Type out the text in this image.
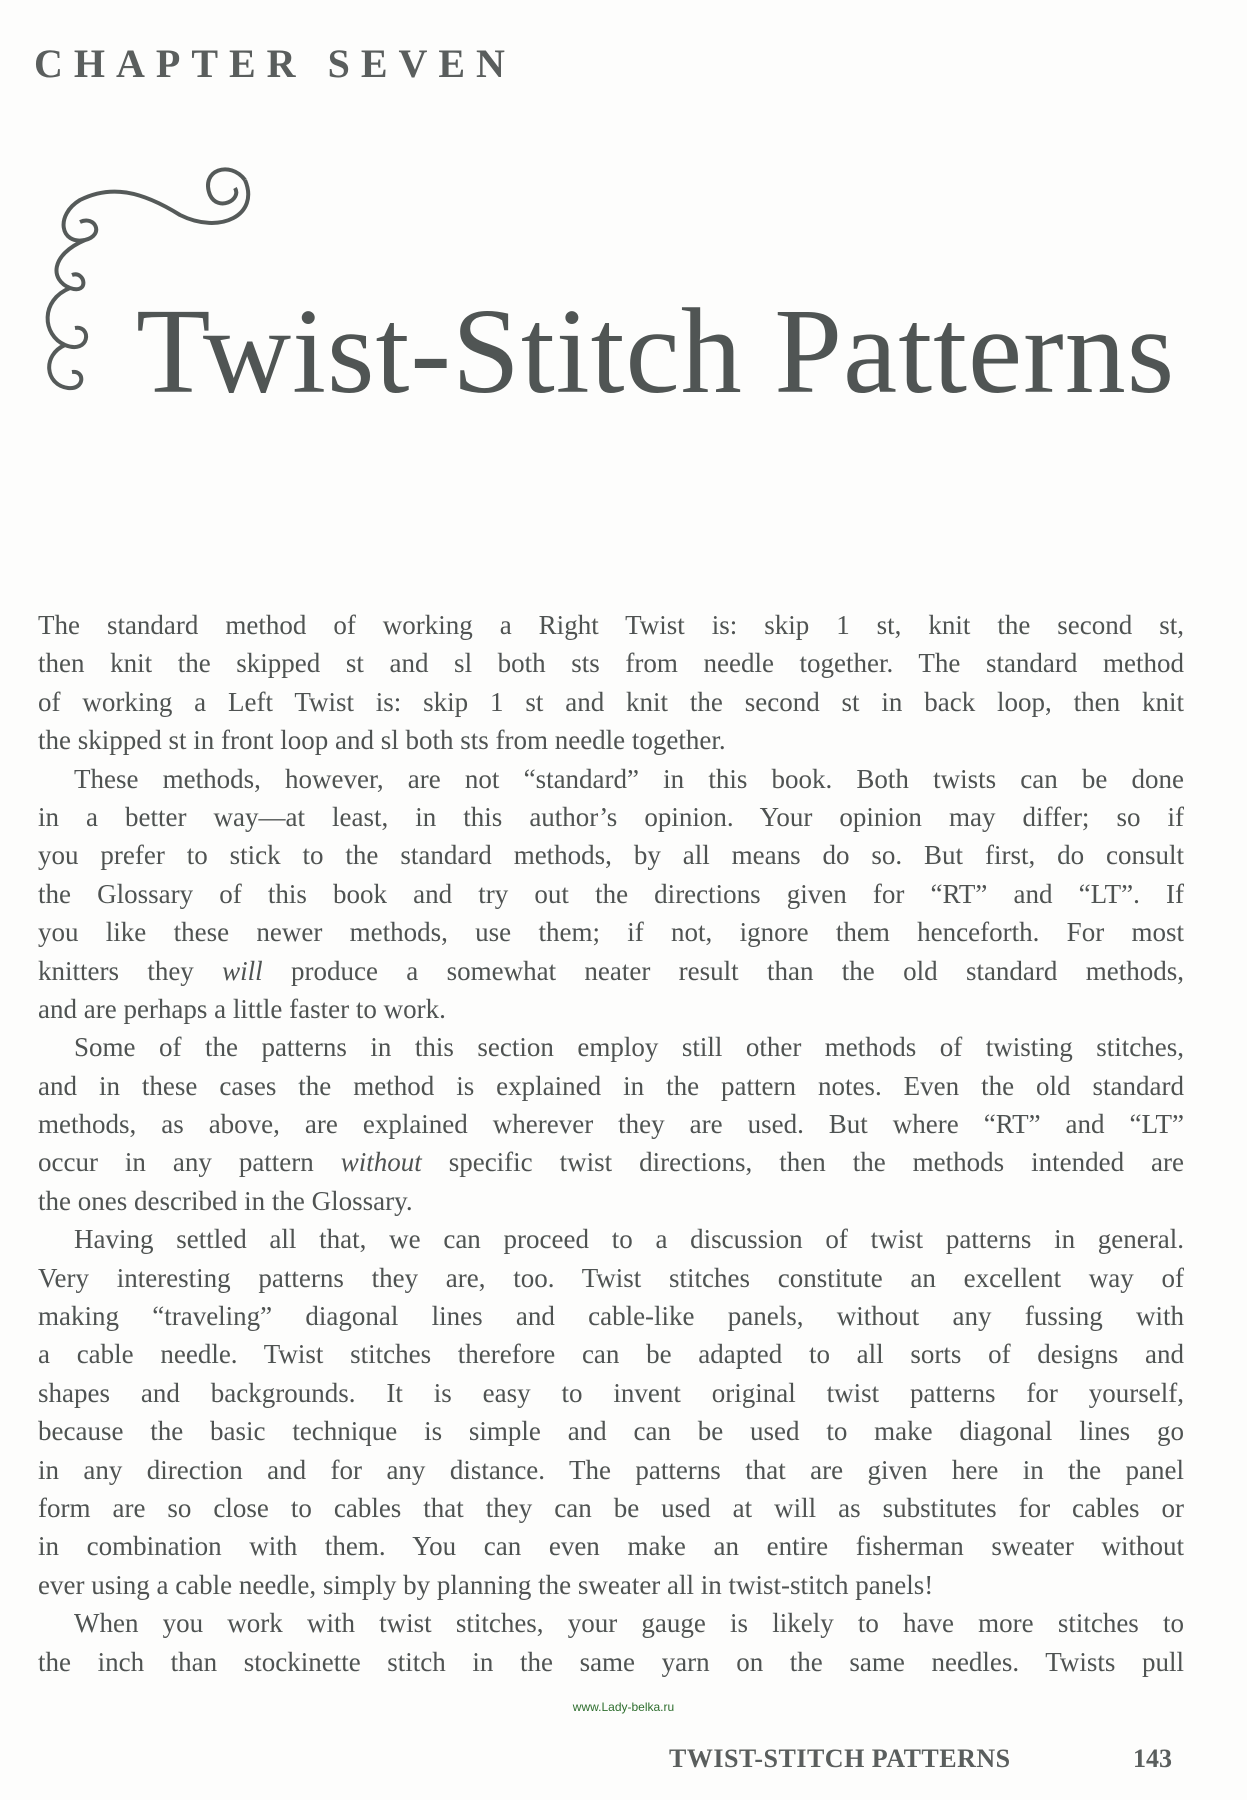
CHAPTER SEVEN
Twist-Stitch Patterns
The standard method of working a Right Twist is: skip 1 st, knit the second st,
then knit the skipped st and sl both sts from needle together. The standard method
of working a Left Twist is: skip 1 st and knit the second st in back loop, then knit
the skipped st in front loop and sl both sts from needle together.
These methods, however, are not “standard” in this book. Both twists can be done
in a better way—at least, in this author’s opinion. Your opinion may differ; so if
you prefer to stick to the standard methods, by all means do so. But first, do consult
the Glossary of this book and try out the directions given for “RT” and “LT”. If
you like these newer methods, use them; if not, ignore them henceforth. For most
knitters they will produce a somewhat neater result than the old standard methods,
and are perhaps a little faster to work.
Some of the patterns in this section employ still other methods of twisting stitches,
and in these cases the method is explained in the pattern notes. Even the old standard
methods, as above, are explained wherever they are used. But where “RT” and “LT”
occur in any pattern without specific twist directions, then the methods intended are
the ones described in the Glossary.
Having settled all that, we can proceed to a discussion of twist patterns in general.
Very interesting patterns they are, too. Twist stitches constitute an excellent way of
making “traveling” diagonal lines and cable-like panels, without any fussing with
a cable needle. Twist stitches therefore can be adapted to all sorts of designs and
shapes and backgrounds. It is easy to invent original twist patterns for yourself,
because the basic technique is simple and can be used to make diagonal lines go
in any direction and for any distance. The patterns that are given here in the panel
form are so close to cables that they can be used at will as substitutes for cables or
in combination with them. You can even make an entire fisherman sweater without
ever using a cable needle, simply by planning the sweater all in twist-stitch panels!
When you work with twist stitches, your gauge is likely to have more stitches to
the inch than stockinette stitch in the same yarn on the same needles. Twists pull
www.Lady-belka.ru
TWIST-STITCH PATTERNS	143
